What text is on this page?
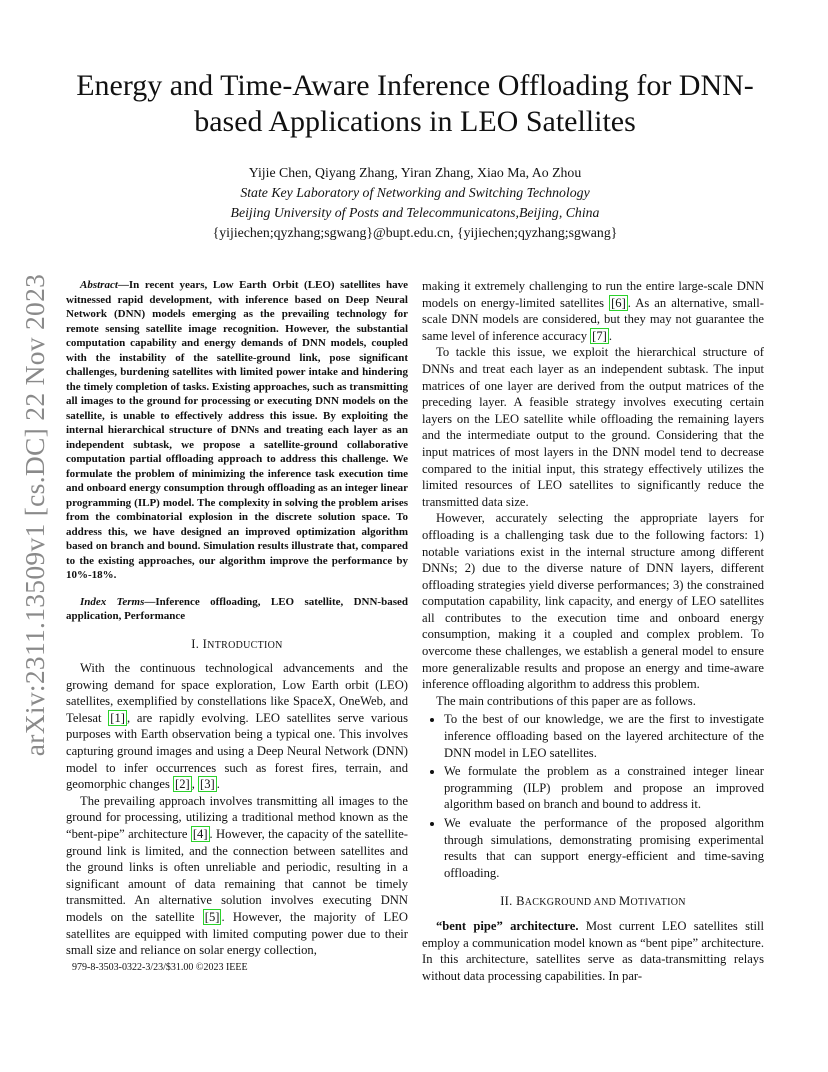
arXiv:2311.13509v1 [cs.DC] 22 Nov 2023
Energy and Time-Aware Inference Offloading for DNN-based Applications in LEO Satellites
Yijie Chen, Qiyang Zhang, Yiran Zhang, Xiao Ma, Ao Zhou
State Key Laboratory of Networking and Switching Technology
Beijing University of Posts and Telecommunicatons,Beijing, China
{yijiechen;qyzhang;sgwang}@bupt.edu.cn, {yijiechen;qyzhang;sgwang}

Abstract—In recent years, Low Earth Orbit (LEO) satellites have witnessed rapid development, with inference based on Deep Neural Network (DNN) models emerging as the prevailing technology for remote sensing satellite image recognition. However, the substantial computation capability and energy demands of DNN models, coupled with the instability of the satellite-ground link, pose significant challenges, burdening satellites with limited power intake and hindering the timely completion of tasks. Existing approaches, such as transmitting all images to the ground for processing or executing DNN models on the satellite, is unable to effectively address this issue. By exploiting the internal hierarchical structure of DNNs and treating each layer as an independent subtask, we propose a satellite-ground collaborative computation partial offloading approach to address this challenge. We formulate the problem of minimizing the inference task execution time and onboard energy consumption through offloading as an integer linear programming (ILP) model. The complexity in solving the problem arises from the combinatorial explosion in the discrete solution space. To address this, we have designed an improved optimization algorithm based on branch and bound. Simulation results illustrate that, compared to the existing approaches, our algorithm improve the performance by 10%-18%.

Index Terms—Inference offloading, LEO satellite, DNN-based application, Performance

I. INTRODUCTION

With the continuous technological advancements and the growing demand for space exploration, Low Earth orbit (LEO) satellites, exemplified by constellations like SpaceX, OneWeb, and Telesat [1] , are rapidly evolving. LEO satellites serve various purposes with Earth observation being a typical one. This involves capturing ground images and using a Deep Neural Network (DNN) model to infer occurrences such as forest fires, terrain, and geomorphic changes [2] , [3] .

The prevailing approach involves transmitting all images to the ground for processing, utilizing a traditional method known as the “bent-pipe” architecture [4] . However, the capacity of the satellite-ground link is limited, and the connection between satellites and the ground links is often unreliable and periodic, resulting in a significant amount of data remaining that cannot be timely transmitted. An alternative solution involves executing DNN models on the satellite [5] . However, the majority of LEO satellites are equipped with limited computing power due to their small size and reliance on solar energy collection,

making it extremely challenging to run the entire large-scale DNN models on energy-limited satellites [6] . As an alternative, small-scale DNN models are considered, but they may not guarantee the same level of inference accuracy [7] .

To tackle this issue, we exploit the hierarchical structure of DNNs and treat each layer as an independent subtask. The input matrices of one layer are derived from the output matrices of the preceding layer. A feasible strategy involves executing certain layers on the LEO satellite while offloading the remaining layers and the intermediate output to the ground. Considering that the input matrices of most layers in the DNN model tend to decrease compared to the initial input, this strategy effectively utilizes the limited resources of LEO satellites to significantly reduce the transmitted data size.

However, accurately selecting the appropriate layers for offloading is a challenging task due to the following factors: 1) notable variations exist in the internal structure among different DNNs; 2) due to the diverse nature of DNN layers, different offloading strategies yield diverse performances; 3) the constrained computation capability, link capacity, and energy of LEO satellites all contributes to the execution time and onboard energy consumption, making it a coupled and complex problem. To overcome these challenges, we establish a general model to ensure more generalizable results and propose an energy and time-aware inference offloading algorithm to address this problem.

The main contributions of this paper are as follows.

• To the best of our knowledge, we are the first to investigate inference offloading based on the layered architecture of the DNN model in LEO satellites.
• We formulate the problem as a constrained integer linear programming (ILP) problem and propose an improved algorithm based on branch and bound to address it.
• We evaluate the performance of the proposed algorithm through simulations, demonstrating promising experimental results that can support energy-efficient and time-saving offloading.
II. BACKGROUND AND MOTIVATION

“bent pipe” architecture. Most current LEO satellites still employ a communication model known as “bent pipe” architecture. In this architecture, satellites serve as data-transmitting relays without data processing capabilities. In par-

979-8-3503-0322-3/23/$31.00 ©2023 IEEE
